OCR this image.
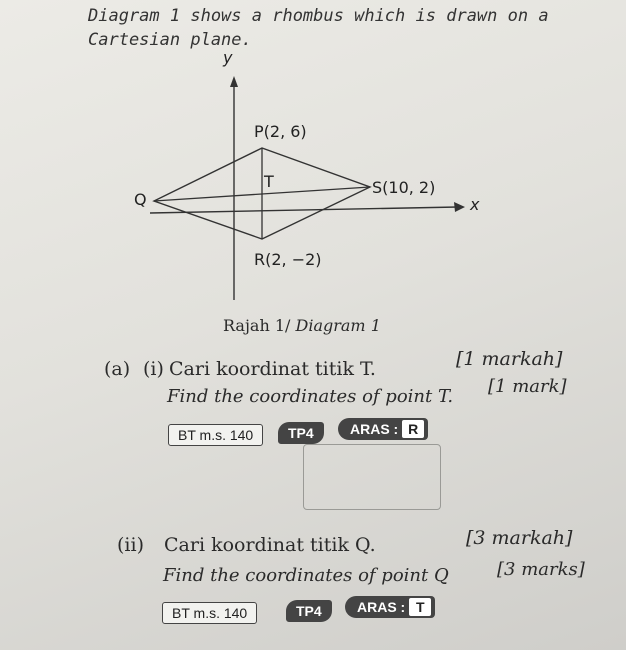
Diagram 1 shows a rhombus which is drawn on a
Cartesian plane.
y
x
P(2, 6)
T
Q
S(10, 2)
R(2, −2)
Rajah 1/ Diagram 1
(a) (i) Cari koordinat titik T.	[1 markah]
Find the coordinates of point T. [1 mark]
BT m.s. 140	TP4	ARAS : R
(ii) Cari koordinat titik Q.	[3 markah]
Find the coordinates of point Q	[3 marks]
BT m.s. 140	TP4	ARAS : T
